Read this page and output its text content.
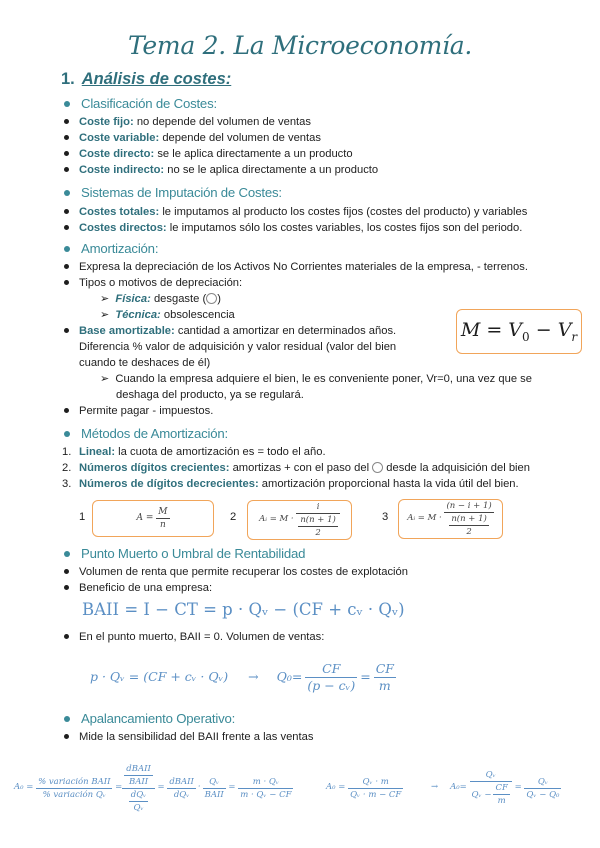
Tema 2. La Microeconomía.
1. Análisis de costes:
Clasificación de Costes:
Coste fijo: no depende del volumen de ventas
Coste variable: depende del volumen de ventas
Coste directo: se le aplica directamente a un producto
Coste indirecto: no se le aplica directamente a un producto
Sistemas de Imputación de Costes:
Costes totales: le imputamos al producto los costes fijos (costes del producto) y variables
Costes directos: le imputamos sólo los costes variables, los costes fijos son del periodo.
Amortización:
Expresa la depreciación de los Activos No Corrientes materiales de la empresa, - terrenos.
Tipos o motivos de depreciación:
➢ Física: desgaste ( )
➢ Técnica: obsolescencia
Base amortizable: cantidad a amortizar en determinados años.
Diferencia % valor de adquisición y valor residual (valor del bien
cuando te deshaces de él)
$M = V_0 - V_r$
➢ Cuando la empresa adquiere el bien, le es conveniente poner, Vr=0, una vez que se
deshaga del producto, ya se regulará.
Permite pagar - impuestos.
Métodos de Amortización:
1. Lineal: la cuota de amortización es = todo el año.
2. Números dígitos crecientes: amortizas + con el paso del desde la adquisición del bien
3. Números de dígitos decrecientes: amortización proporcional hasta la vida útil del bien.
1	A =
$\frac{M}{n}$	2	Aᵢ = M ·
$\frac{i}{\frac{n(n + 1)}{2}}$	3 Aᵢ = M ·
$\frac{(n - i + 1)}{\frac{n(n + 1)}{2}}$
Punto Muerto o Umbral de Rentabilidad
Volumen de renta que permite recuperar los costes de explotación
Beneficio de una empresa:
BAII = I − CT = p · Qᵥ − (CF + cᵥ · Qᵥ)
En el punto muerto, BAII = 0. Volumen de ventas:
p · Qᵥ = (CF + cᵥ · Qᵥ) → $Q_0= \frac{CF}{\text{(p − cᵥ)}} = \frac{CF}{m}$
Apalancamiento Operativo:
Mide la sensibilidad del BAII frente a las ventas
A₀ =
$\frac{\text{\% variación BAII}}{\text{\% variación Qᵥ}}$
= $\frac{\frac{\text{dBAII}}{\text{BAII}}}{\frac{\text{dQᵥ}}{\text{Qᵥ}}}$
=
$\frac{\text{dBAII}}{\text{dQᵥ}} \cdot \frac{\text{Qᵥ}}{\text{BAII}}$
=
$\frac{\text{m · Qᵥ}}{\text{m · Qᵥ − CF}}$	A₀ =
$\frac{\text{Qᵥ · m}}{\text{Qᵥ · m − CF}}$	→ A₀=
$\frac{\text{Qᵥ}}{Qᵥ - \frac{CF}{m}}$
=
$\frac{\text{Qᵥ}}{\text{Qᵥ − Q₀}}$
